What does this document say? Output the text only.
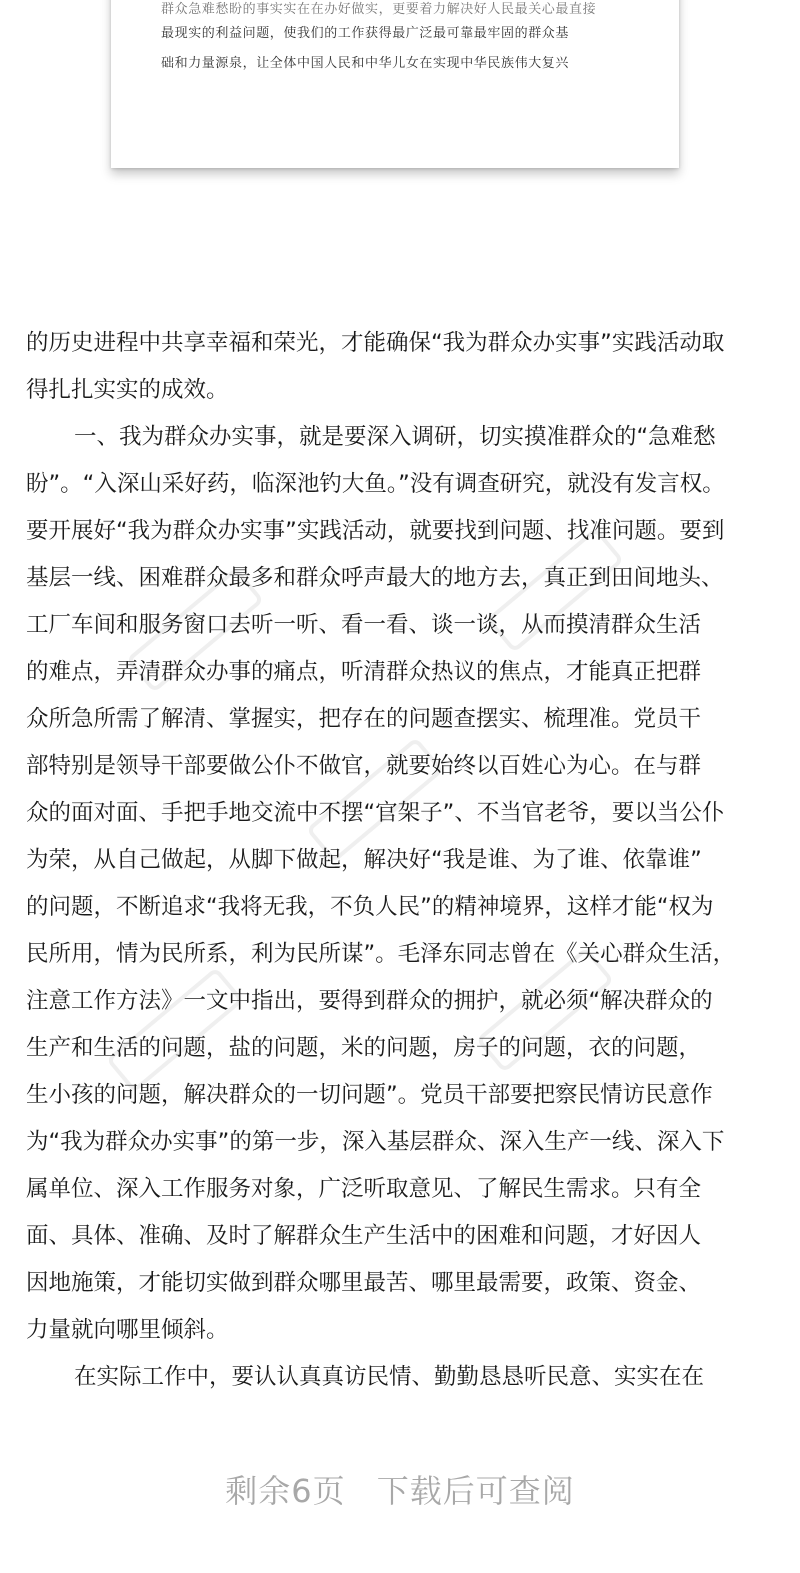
群众急难愁盼的事实实在在办好做实，更要着力解决好人民最关心最直接
最现实的利益问题，使我们的工作获得最广泛最可靠最牢固的群众基
础和力量源泉，让全体中国人民和中华儿女在实现中华民族伟大复兴
的历史进程中共享幸福和荣光，才能确保“我为群众办实事”实践活动取
得扎扎实实的成效。
一、我为群众办实事，就是要深入调研，切实摸准群众的“急难愁
盼”。“入深山采好药，临深池钓大鱼。”没有调查研究，就没有发言权。
要开展好“我为群众办实事”实践活动，就要找到问题、找准问题。要到
基层一线、困难群众最多和群众呼声最大的地方去，真正到田间地头、
工厂车间和服务窗口去听一听、看一看、谈一谈，从而摸清群众生活
的难点，弄清群众办事的痛点，听清群众热议的焦点，才能真正把群
众所急所需了解清、掌握实，把存在的问题查摆实、梳理准。党员干
部特别是领导干部要做公仆不做官，就要始终以百姓心为心。在与群
众的面对面、手把手地交流中不摆“官架子”、不当官老爷，要以当公仆
为荣，从自己做起，从脚下做起，解决好“我是谁、为了谁、依靠谁”
的问题，不断追求“我将无我，不负人民”的精神境界，这样才能“权为
民所用，情为民所系，利为民所谋”。毛泽东同志曾在《关心群众生活，
注意工作方法》一文中指出，要得到群众的拥护，就必须“解决群众的
生产和生活的问题，盐的问题，米的问题，房子的问题，衣的问题，
生小孩的问题，解决群众的一切问题”。党员干部要把察民情访民意作
为“我为群众办实事”的第一步，深入基层群众、深入生产一线、深入下
属单位、深入工作服务对象，广泛听取意见、了解民生需求。只有全
面、具体、准确、及时了解群众生产生活中的困难和问题，才好因人
因地施策，才能切实做到群众哪里最苦、哪里最需要，政策、资金、
力量就向哪里倾斜。
在实际工作中，要认认真真访民情、勤勤恳恳听民意、实实在在
剩余6页 下载后可查阅
